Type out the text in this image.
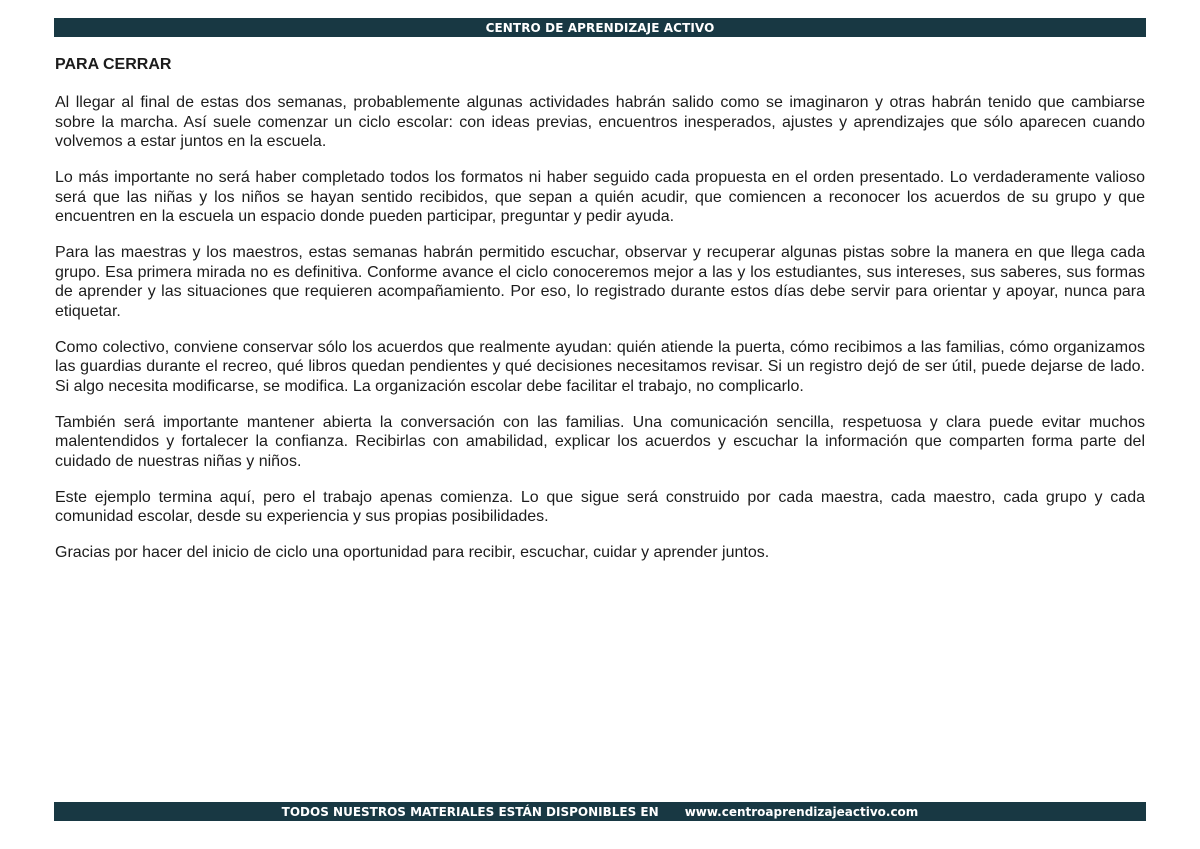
CENTRO DE APRENDIZAJE ACTIVO
PARA CERRAR

Al llegar al final de estas dos semanas, probablemente algunas actividades habrán salido como se imaginaron y otras habrán tenido que cambiarse sobre la marcha. Así suele comenzar un ciclo escolar: con ideas previas, encuentros inesperados, ajustes y aprendizajes que sólo aparecen cuando volvemos a estar juntos en la escuela.

Lo más importante no será haber completado todos los formatos ni haber seguido cada propuesta en el orden presentado. Lo verdaderamente valioso será que las niñas y los niños se hayan sentido recibidos, que sepan a quién acudir, que comiencen a reconocer los acuerdos de su grupo y que encuentren en la escuela un espacio donde pueden participar, preguntar y pedir ayuda.

Para las maestras y los maestros, estas semanas habrán permitido escuchar, observar y recuperar algunas pistas sobre la manera en que llega cada grupo. Esa primera mirada no es definitiva. Conforme avance el ciclo conoceremos mejor a las y los estudiantes, sus intereses, sus saberes, sus formas de aprender y las situaciones que requieren acompañamiento. Por eso, lo registrado durante estos días debe servir para orientar y apoyar, nunca para etiquetar.

Como colectivo, conviene conservar sólo los acuerdos que realmente ayudan: quién atiende la puerta, cómo recibimos a las familias, cómo organizamos las guardias durante el recreo, qué libros quedan pendientes y qué decisiones necesitamos revisar. Si un registro dejó de ser útil, puede dejarse de lado. Si algo necesita modificarse, se modifica. La organización escolar debe facilitar el trabajo, no complicarlo.

También será importante mantener abierta la conversación con las familias. Una comunicación sencilla, respetuosa y clara puede evitar muchos malentendidos y fortalecer la confianza. Recibirlas con amabilidad, explicar los acuerdos y escuchar la información que comparten forma parte del cuidado de nuestras niñas y niños.

Este ejemplo termina aquí, pero el trabajo apenas comienza. Lo que sigue será construido por cada maestra, cada maestro, cada grupo y cada comunidad escolar, desde su experiencia y sus propias posibilidades.

Gracias por hacer del inicio de ciclo una oportunidad para recibir, escuchar, cuidar y aprender juntos.

TODOS NUESTROS MATERIALES ESTÁN DISPONIBLES EN www.centroaprendizajeactivo.com
